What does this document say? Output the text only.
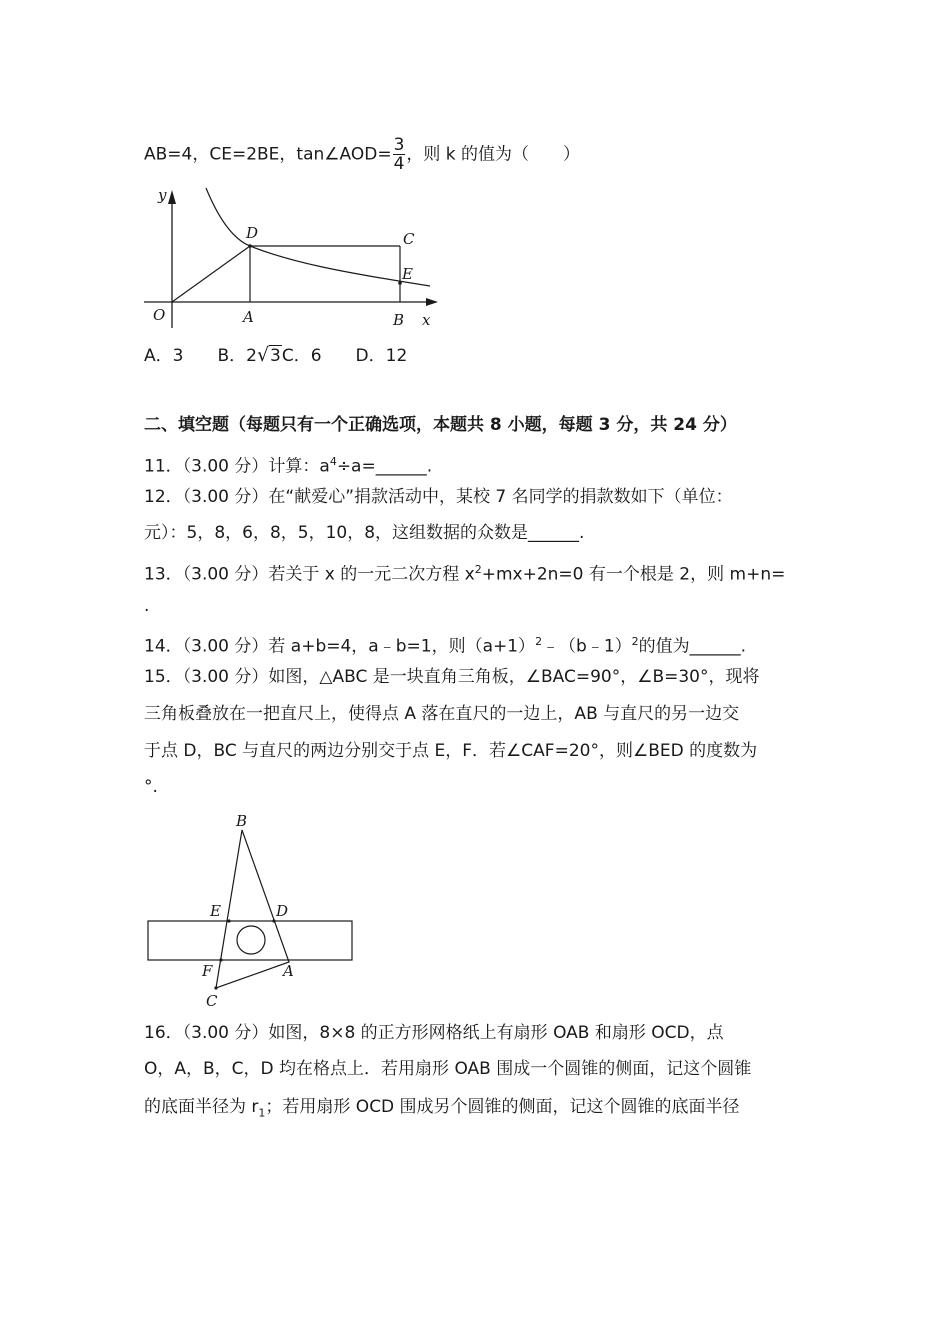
AB=4，CE=2BE，tan∠AOD= $\frac{3}{4}$ ，则 k 的值为（　　）
y
x
O	A	B
C
D
E
A．3　　B．2√3C．6　　D．12
二、填空题（每题只有一个正确选项，本题共 8 小题，每题 3 分，共 24 分）
11．（3.00 分）计算：$a^4\div a=\_\_\_\_\_\_$.
12．（3.00 分）在“献爱心”捐款活动中，某校 7 名同学的捐款数如下（单位：
元）：5，8，6，8，5，10，8，这组数据的众数是______.
13．（3.00 分）若关于 x 的一元二次方程 $x^2+mx+2n=0$ 有一个根是 2，则 m+n=
.
14．（3.00 分）若 a+b=4，a﹣b=1，则$(a+1)^2﹣(b﹣1)^2$的值为______.
15．（3.00 分）如图，△ABC 是一块直角三角板，∠BAC=90°，∠B=30°，现将
三角板叠放在一把直尺上，使得点 A 落在直尺的一边上，AB 与直尺的另一边交
于点 D，BC 与直尺的两边分别交于点 E，F．若∠CAF=20°，则∠BED 的度数为
°.
B
E	D
F	A
C
16．（3.00 分）如图，8×8 的正方形网格纸上有扇形 OAB 和扇形 OCD，点
O，A，B，C，D 均在格点上．若用扇形 OAB 围成一个圆锥的侧面，记这个圆锥
的底面半径为 $r_1$；若用扇形 OCD 围成另个圆锥的侧面，记这个圆锥的底面半径
